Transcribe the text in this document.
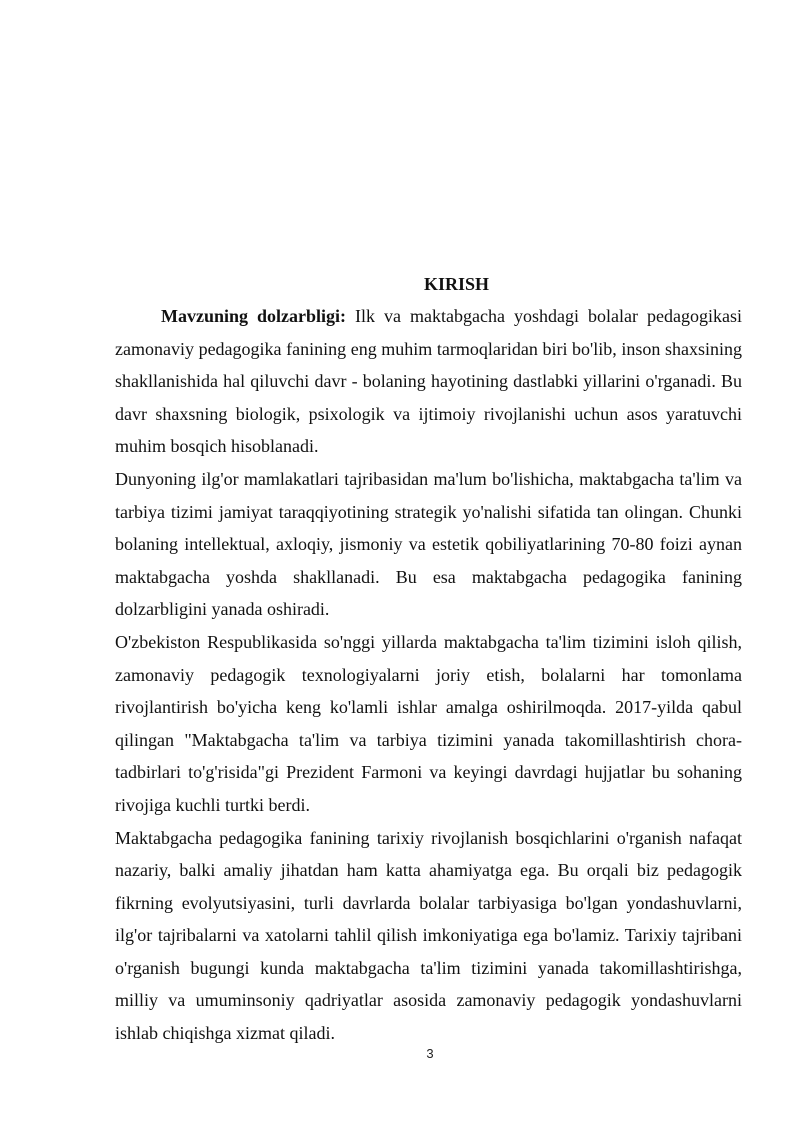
KIRISH

Mavzuning dolzarbligi: Ilk va maktabgacha yoshdagi bolalar pedagogikasi zamonaviy pedagogika fanining eng muhim tarmoqlaridan biri bo'lib, inson shaxsining shakllanishida hal qiluvchi davr - bolaning hayotining dastlabki yillarini o'rganadi. Bu davr shaxsning biologik, psixologik va ijtimoiy rivojlanishi uchun asos yaratuvchi muhim bosqich hisoblanadi.

Dunyoning ilg'or mamlakatlari tajribasidan ma'lum bo'lishicha, maktabgacha ta'lim va tarbiya tizimi jamiyat taraqqiyotining strategik yo'nalishi sifatida tan olingan. Chunki bolaning intellektual, axloqiy, jismoniy va estetik qobiliyatlarining 70-80 foizi aynan maktabgacha yoshda shakllanadi. Bu esa maktabgacha pedagogika fanining dolzarbligini yanada oshiradi.

O'zbekiston Respublikasida so'nggi yillarda maktabgacha ta'lim tizimini isloh qilish, zamonaviy pedagogik texnologiyalarni joriy etish, bolalarni har tomonlama rivojlantirish bo'yicha keng ko'lamli ishlar amalga oshirilmoqda. 2017-yilda qabul qilingan "Maktabgacha ta'lim va tarbiya tizimini yanada takomillashtirish chora-tadbirlari to'g'risida"gi Prezident Farmoni va keyingi davrdagi hujjatlar bu sohaning rivojiga kuchli turtki berdi.

Maktabgacha pedagogika fanining tarixiy rivojlanish bosqichlarini o'rganish nafaqat nazariy, balki amaliy jihatdan ham katta ahamiyatga ega. Bu orqali biz pedagogik fikrning evolyutsiyasini, turli davrlarda bolalar tarbiyasiga bo'lgan yondashuvlarni, ilg'or tajribalarni va xatolarni tahlil qilish imkoniyatiga ega bo'lamiz. Tarixiy tajribani o'rganish bugungi kunda maktabgacha ta'lim tizimini yanada takomillashtirishga, milliy va umuminsoniy qadriyatlar asosida zamonaviy pedagogik yondashuvlarni ishlab chiqishga xizmat qiladi.

3
